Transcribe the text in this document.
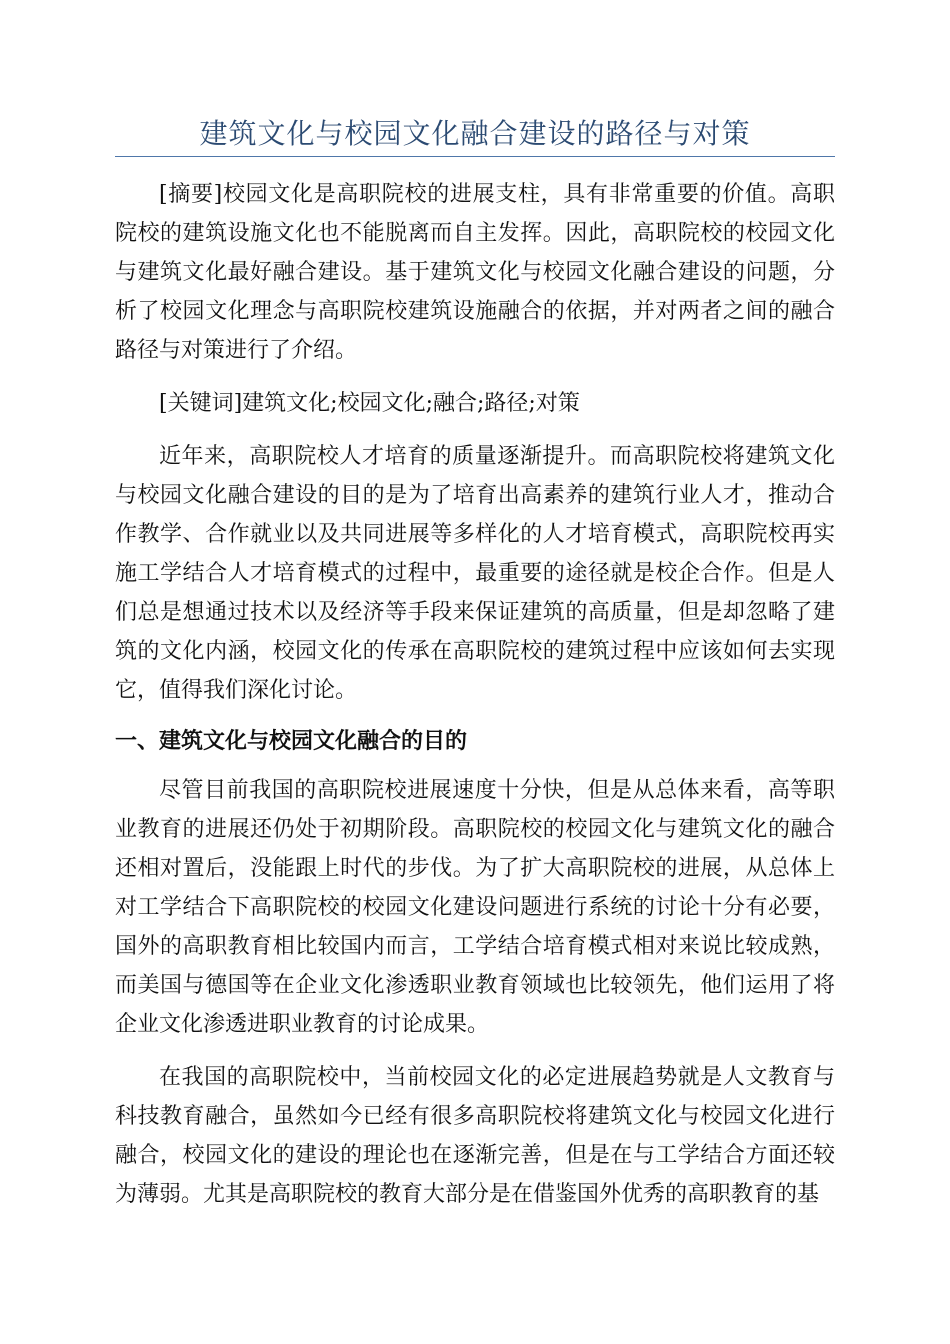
建筑文化与校园文化融合建设的路径与对策

[摘要]校园文化是高职院校的进展支柱，具有非常重要的价值。高职院校的建筑设施文化也不能脱离而自主发挥。因此，高职院校的校园文化与建筑文化最好融合建设。基于建筑文化与校园文化融合建设的问题，分析了校园文化理念与高职院校建筑设施融合的依据，并对两者之间的融合路径与对策进行了介绍。

[关键词]建筑文化;校园文化;融合;路径;对策

近年来，高职院校人才培育的质量逐渐提升。而高职院校将建筑文化与校园文化融合建设的目的是为了培育出高素养的建筑行业人才，推动合作教学、合作就业以及共同进展等多样化的人才培育模式，高职院校再实施工学结合人才培育模式的过程中，最重要的途径就是校企合作。但是人们总是想通过技术以及经济等手段来保证建筑的高质量，但是却忽略了建筑的文化内涵，校园文化的传承在高职院校的建筑过程中应该如何去实现它，值得我们深化讨论。

一、建筑文化与校园文化融合的目的

尽管目前我国的高职院校进展速度十分快，但是从总体来看，高等职业教育的进展还仍处于初期阶段。高职院校的校园文化与建筑文化的融合还相对置后，没能跟上时代的步伐。为了扩大高职院校的进展，从总体上对工学结合下高职院校的校园文化建设问题进行系统的讨论十分有必要，国外的高职教育相比较国内而言，工学结合培育模式相对来说比较成熟，而美国与德国等在企业文化渗透职业教育领域也比较领先，他们运用了将企业文化渗透进职业教育的讨论成果。

在我国的高职院校中，当前校园文化的必定进展趋势就是人文教育与科技教育融合，虽然如今已经有很多高职院校将建筑文化与校园文化进行融合，校园文化的建设的理论也在逐渐完善，但是在与工学结合方面还较为薄弱。尤其是高职院校的教育大部分是在借鉴国外优秀的高职教育的基
